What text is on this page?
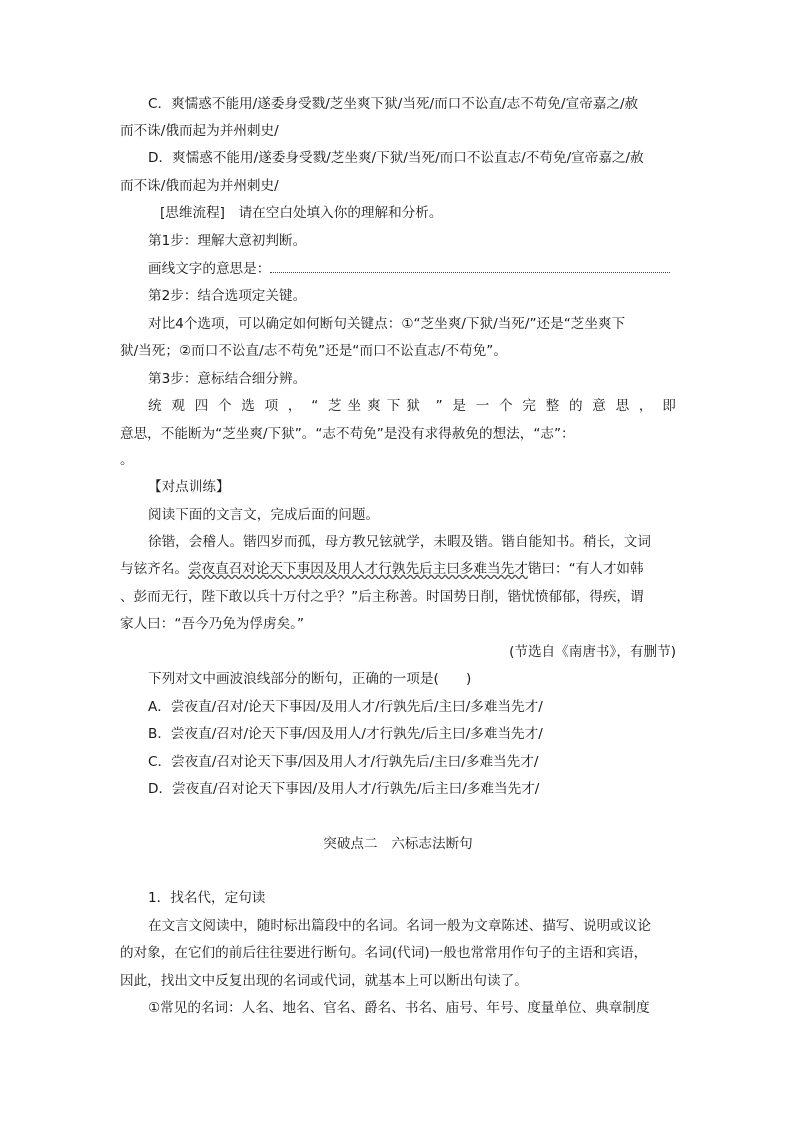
C．爽懦惑不能用/遂委身受戮/芝坐爽下狱/当死/而口不讼直/志不苟免/宣帝嘉之/赦
而不诛/俄而起为并州刺史/
D．爽懦惑不能用/遂委身受戮/芝坐爽/下狱/当死/而口不讼直志/不苟免/宣帝嘉之/赦
而不诛/俄而起为并州刺史/
[思维流程]　请在空白处填入你的理解和分析。
第1步：理解大意初判断。
画线文字的意思是：
第2步：结合选项定关键。
对比4个选项，可以确定如何断句关键点：①“芝坐爽/下狱/当死/”还是“芝坐爽下
狱/当死；②而口不讼直/志不苟免”还是“而口不讼直志/不苟免”。
第3步：意标结合细分辨。
统 观 四 个 选 项 ， “ 芝坐爽下狱 ” 是 一 个 完 整 的 意 思 ， 即
意思，不能断为“芝坐爽/下狱”。“志不苟免”是没有求得赦免的想法，“志”：
。
【对点训练】
阅读下面的文言文，完成后面的问题。
徐锴，会稽人。锴四岁而孤，母方教兄铉就学，未暇及锴。锴自能知书。稍长，文词
与铉齐名。尝夜直召对论天下事因及用人才行孰先后主曰多难当先才锴曰：“有人才如韩
、彭而无行，陛下敢以兵十万付之乎？”后主称善。时国势日削，锴忧愤郁郁，得疾，谓
家人曰：“吾今乃免为俘虏矣。”
(节选自《南唐书》，有删节)
下列对文中画波浪线部分的断句，正确的一项是(　　)
A．尝夜直/召对/论天下事因/及用人才/行孰先后/主曰/多难当先才/
B．尝夜直/召对/论天下事/因及用人/才行孰先/后主曰/多难当先才/
C．尝夜直/召对论天下事/因及用人才/行孰先后/主曰/多难当先才/
D．尝夜直/召对论天下事因/及用人才/行孰先/后主曰/多难当先才/
突破点二　六标志法断句
1．找名代，定句读
在文言文阅读中，随时标出篇段中的名词。名词一般为文章陈述、描写、说明或议论
的对象，在它们的前后往往要进行断句。名词(代词)一般也常常用作句子的主语和宾语，
因此，找出文中反复出现的名词或代词，就基本上可以断出句读了。
①常见的名词：人名、地名、官名、爵名、书名、庙号、年号、度量单位、典章制度
